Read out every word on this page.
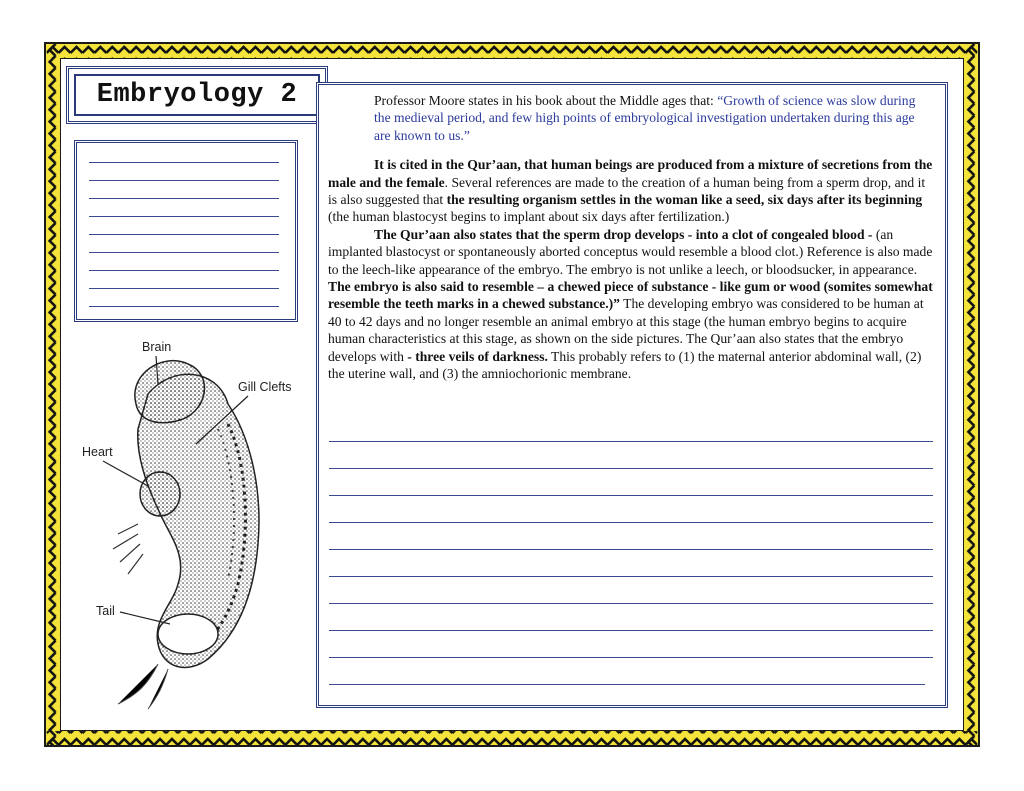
Embryology 2
Brain
Gill Clefts
Heart
Tail

Professor Moore states in his book about the Middle ages that: “Growth of science was slow during the medieval period, and few high points of embryological investigation undertaken during this age are known to us.”

It is cited in the Qur’aan, that human beings are produced from a mixture of secretions from the male and the female. Several references are made to the creation of a human being from a sperm drop, and it is also suggested that the resulting organism settles in the woman like a seed, six days after its beginning (the human blastocyst begins to implant about six days after fertilization.)

The Qur’aan also states that the sperm drop develops - into a clot of congealed blood - (an implanted blastocyst or spontaneously aborted conceptus would resemble a blood clot.) Reference is also made to the leech-like appearance of the embryo. The embryo is not unlike a leech, or bloodsucker, in appearance. The embryo is also said to resemble – a chewed piece of substance - like gum or wood (somites somewhat resemble the teeth marks in a chewed substance.)” The developing embryo was considered to be human at 40 to 42 days and no longer resemble an animal embryo at this stage (the human embryo begins to acquire human characteristics at this stage, as shown on the side pictures. The Qur’aan also states that the embryo develops with - three veils of darkness. This probably refers to (1) the maternal anterior abdominal wall, (2) the uterine wall, and (3) the amniochorionic membrane.
